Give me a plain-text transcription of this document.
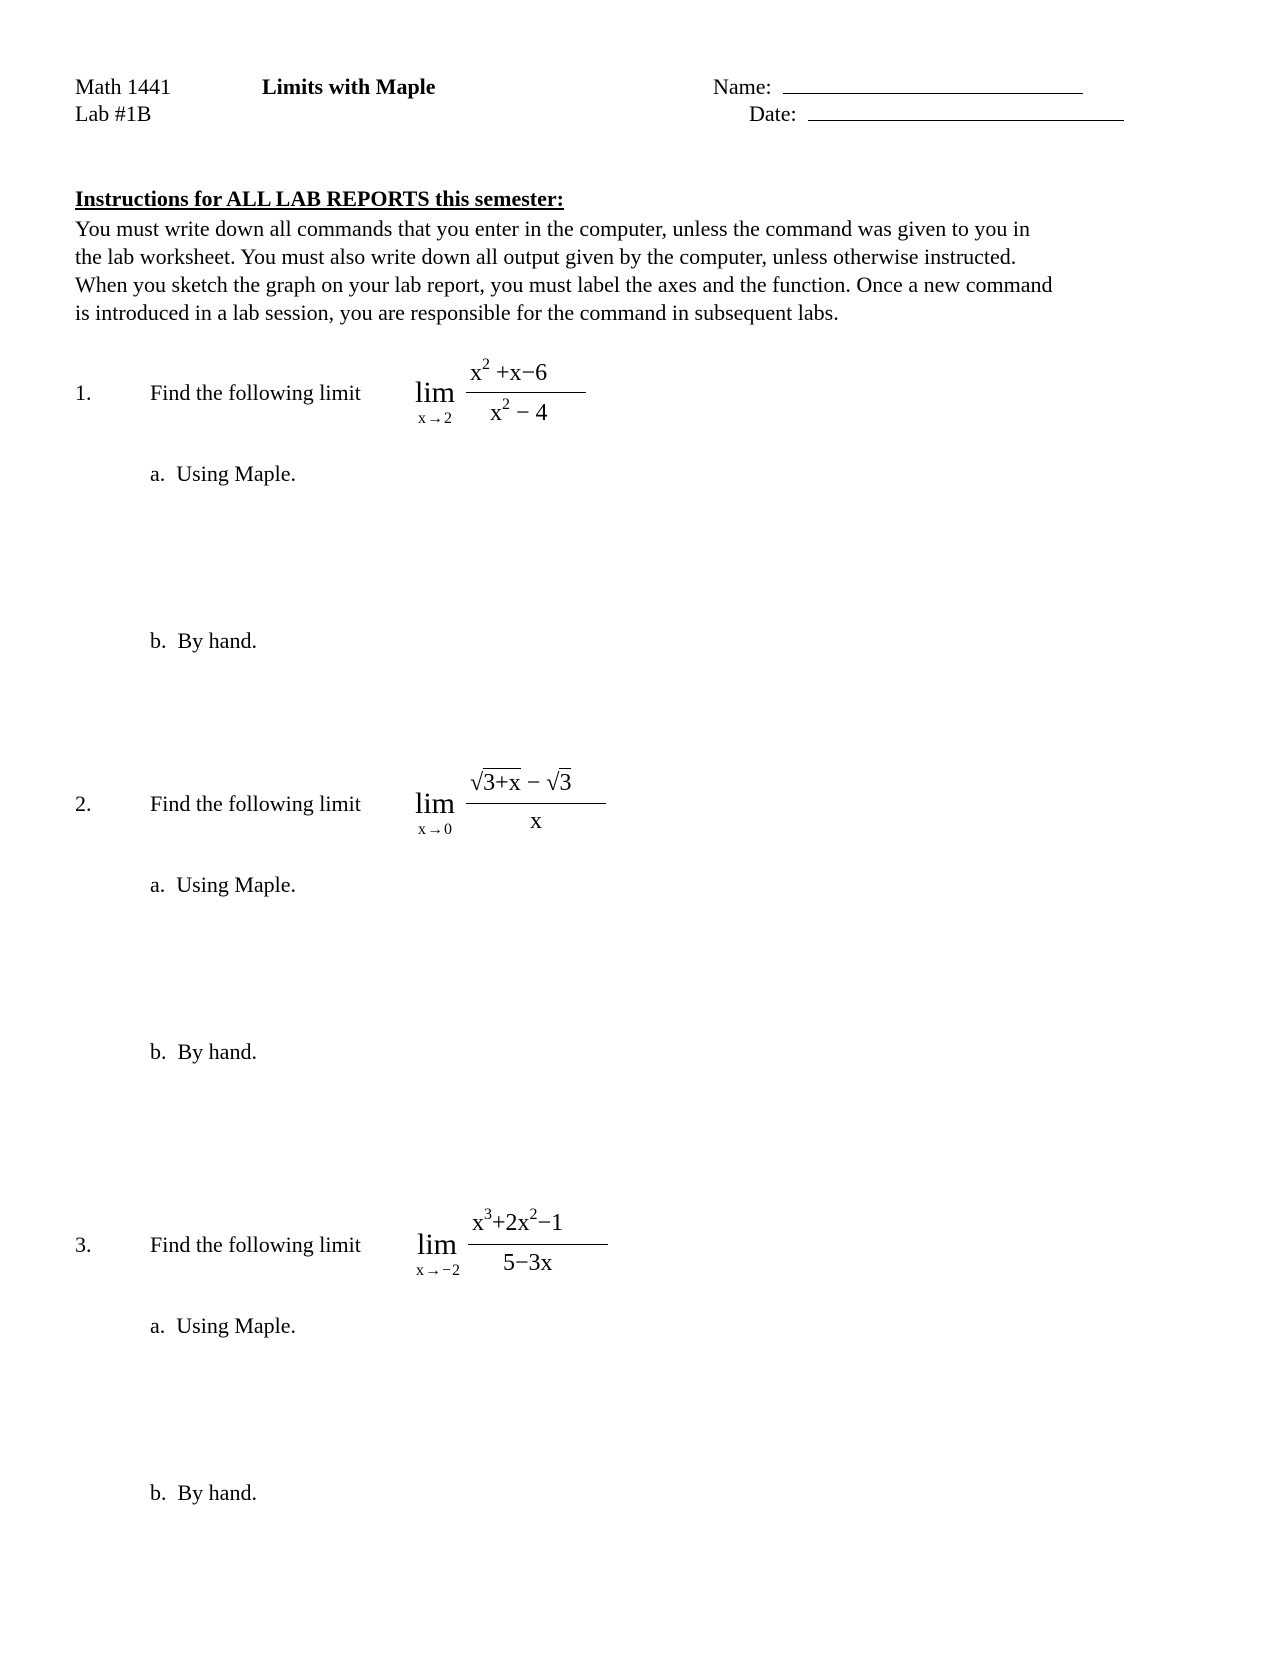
Math 1441
Lab #1B
Limits with Maple	Name:
Date:
Instructions for ALL LAB REPORTS this semester:
You must write down all commands that you enter in the computer, unless the command was given to you in
the lab worksheet. You must also write down all output given by the computer, unless otherwise instructed.
When you sketch the graph on your lab report, you must label the axes and the function. Once a new command
is introduced in a lab session, you are responsible for the command in subsequent labs.
1.	Find the following limit lim
x→2
$x^2 +x-6$
$x^2 - 4$
a. Using Maple.
b. By hand.
2.	Find the following limit lim
x→0
√3+x − √3
x
a. Using Maple.
b. By hand.
3.	Find the following limit lim
x→−2
$x^3+2x^2-1$
5−3x
a. Using Maple.
b. By hand.
